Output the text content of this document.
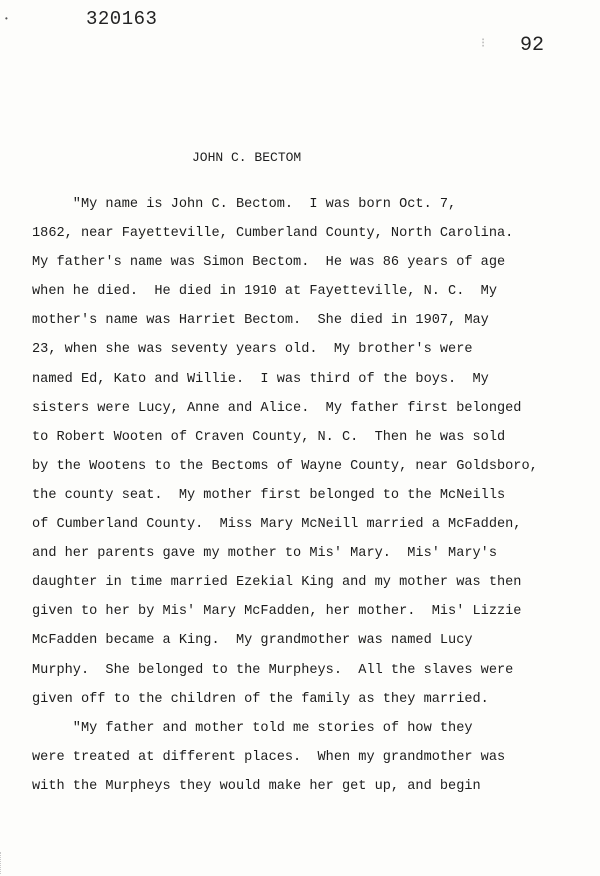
•	320163
⁝ 92
JOHN C. BECTOM
"My name is John C. Bectom.  I was born Oct. 7,
1862, near Fayetteville, Cumberland County, North Carolina.
My father's name was Simon Bectom.  He was 86 years of age
when he died.  He died in 1910 at Fayetteville, N. C.  My
mother's name was Harriet Bectom.  She died in 1907, May
23, when she was seventy years old.  My brother's were
named Ed, Kato and Willie.  I was third of the boys.  My
sisters were Lucy, Anne and Alice.  My father first belonged
to Robert Wooten of Craven County, N. C.  Then he was sold
by the Wootens to the Bectoms of Wayne County, near Goldsboro,
the county seat.  My mother first belonged to the McNeills
of Cumberland County.  Miss Mary McNeill married a McFadden,
and her parents gave my mother to Mis' Mary.  Mis' Mary's
daughter in time married Ezekial King and my mother was then
given to her by Mis' Mary McFadden, her mother.  Mis' Lizzie
McFadden became a King.  My grandmother was named Lucy
Murphy.  She belonged to the Murpheys.  All the slaves were
given off to the children of the family as they married.
"My father and mother told me stories of how they
were treated at different places.  When my grandmother was
with the Murpheys they would make her get up, and begin
